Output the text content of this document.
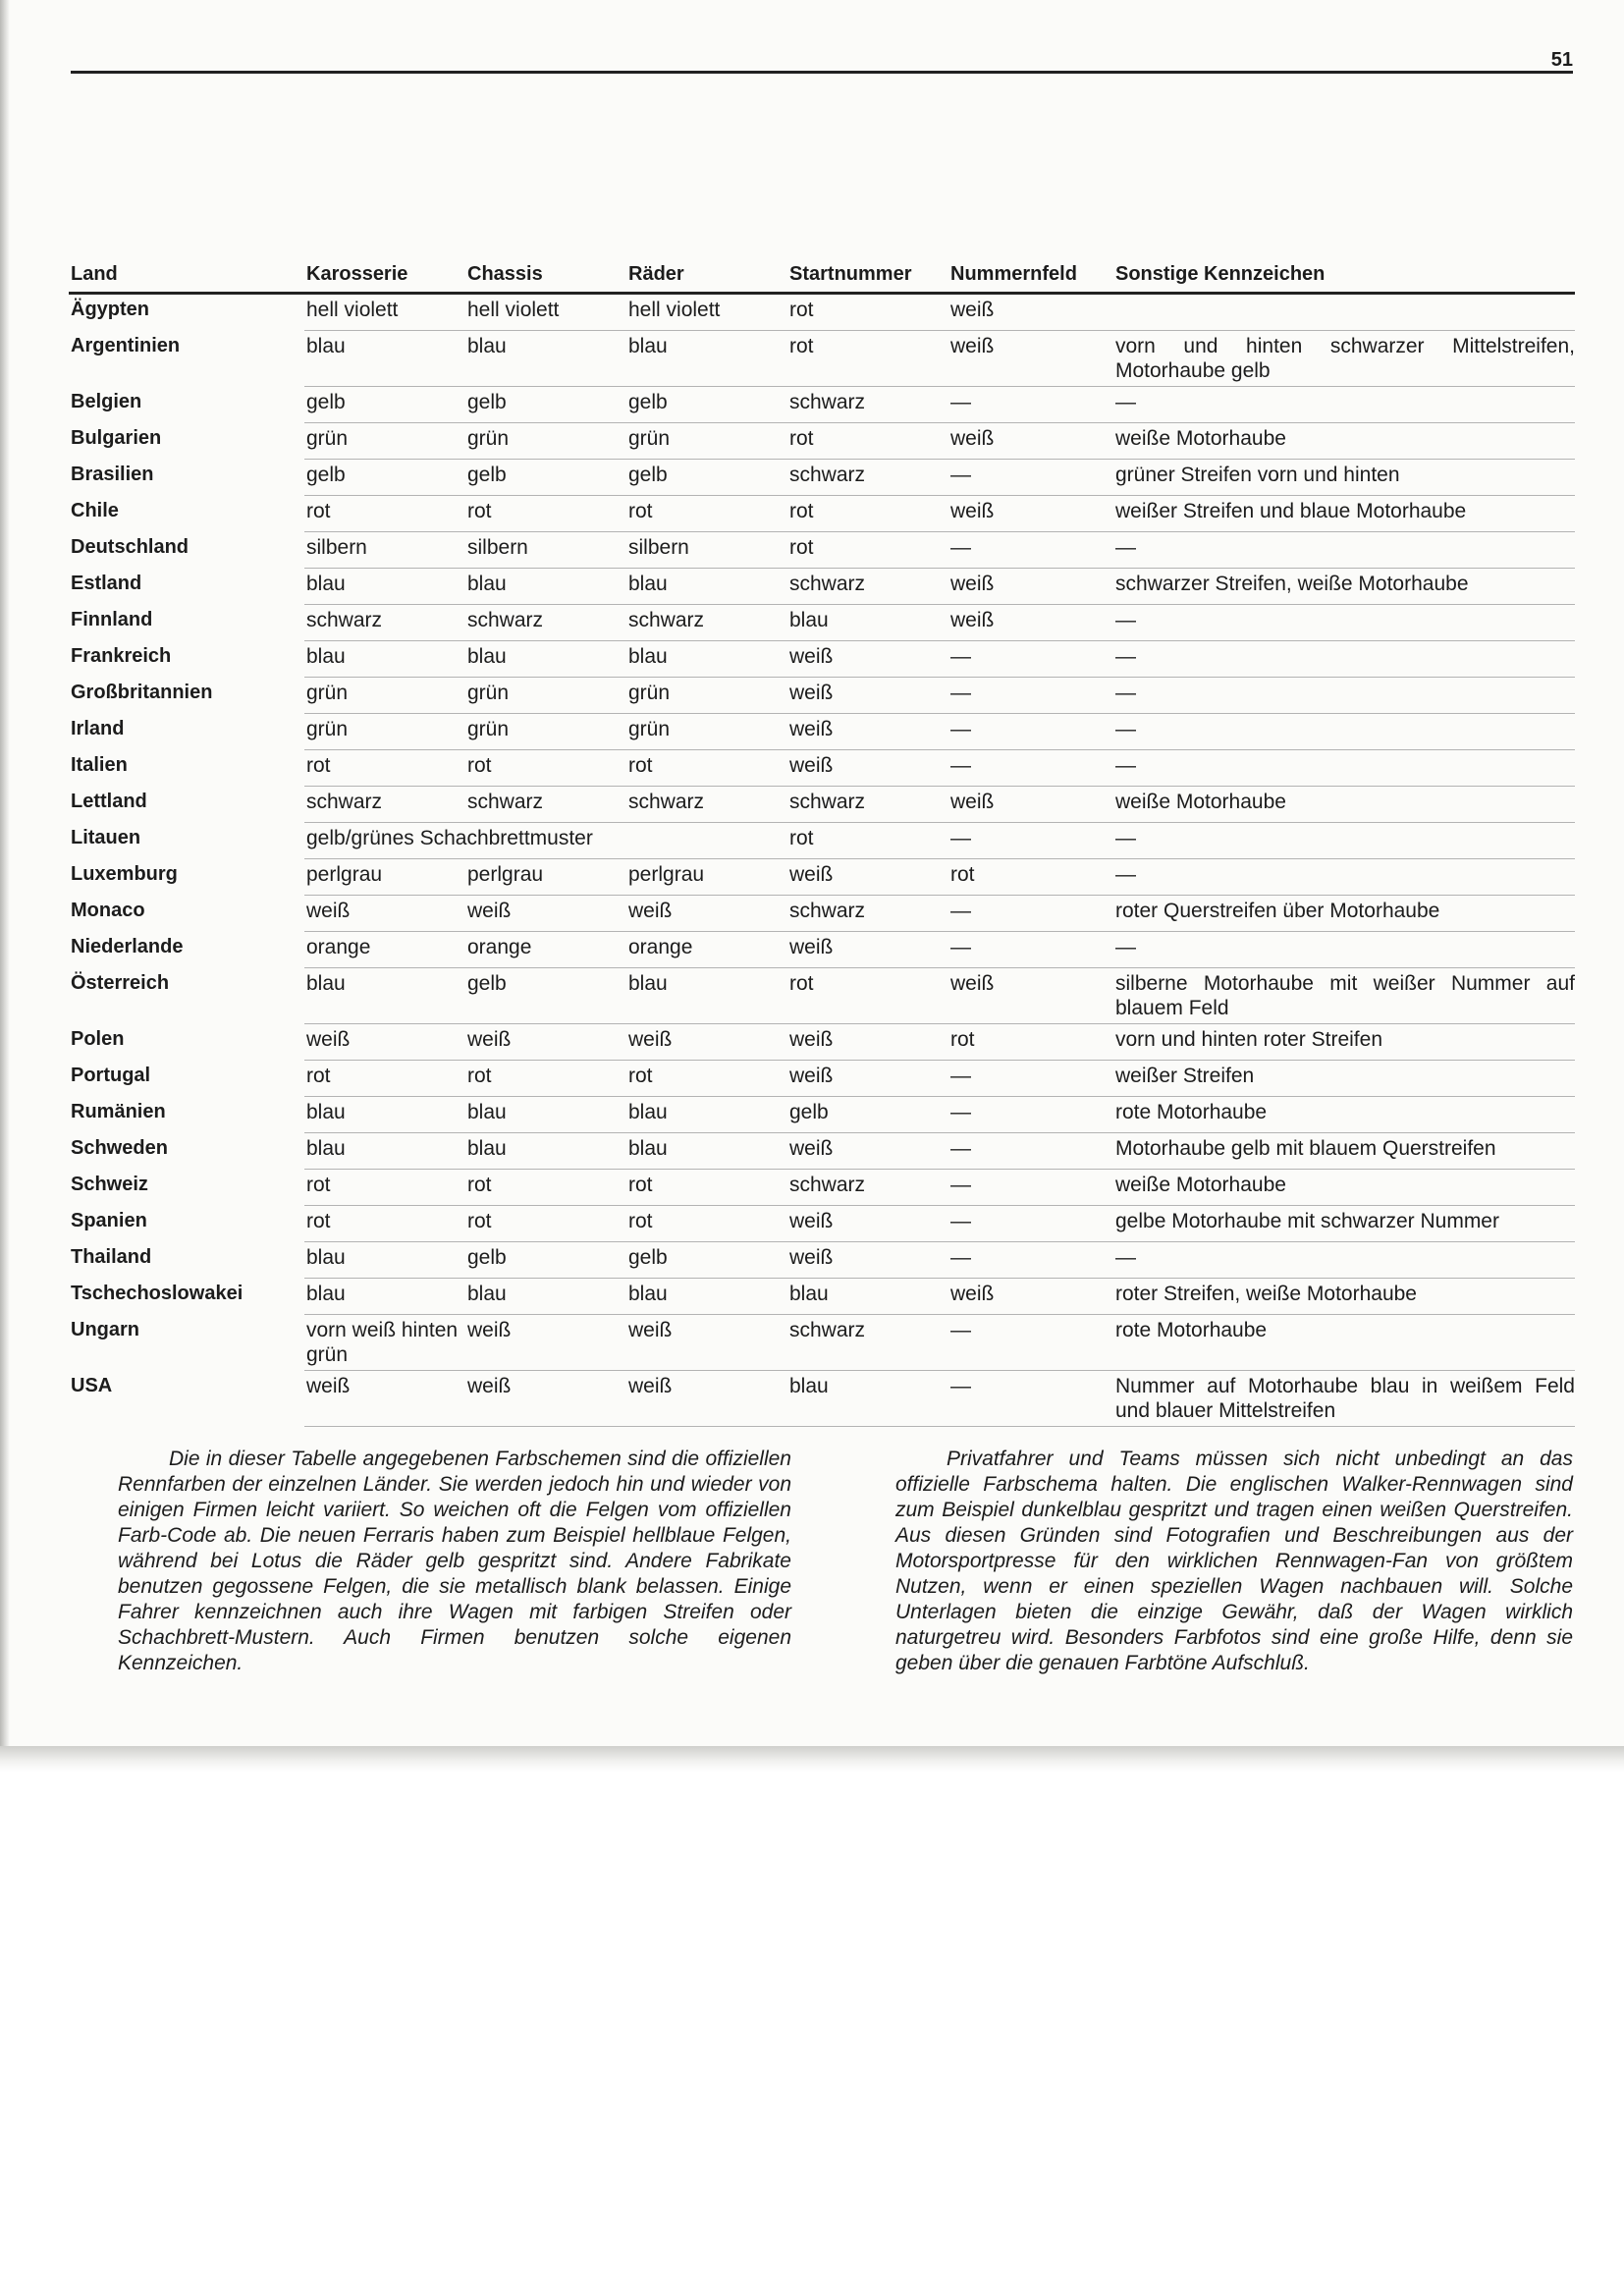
51
Land	Karosserie	Chassis	Räder	Startnummer	Nummernfeld	Sonstige Kennzeichen
Ägypten	hell violett	hell violett	hell violett	rot	weiß	
Argentinien	blau	blau	blau	rot	weiß	vorn und hinten schwarzer Mittelstreifen, Motorhaube gelb
Belgien	gelb	gelb	gelb	schwarz	—	—
Bulgarien	grün	grün	grün	rot	weiß	weiße Motorhaube
Brasilien	gelb	gelb	gelb	schwarz	—	grüner Streifen vorn und hinten
Chile	rot	rot	rot	rot	weiß	weißer Streifen und blaue Motorhaube
Deutschland	silbern	silbern	silbern	rot	—	—
Estland	blau	blau	blau	schwarz	weiß	schwarzer Streifen, weiße Motorhaube
Finnland	schwarz	schwarz	schwarz	blau	weiß	—
Frankreich	blau	blau	blau	weiß	—	—
Großbritannien	grün	grün	grün	weiß	—	—
Irland	grün	grün	grün	weiß	—	—
Italien	rot	rot	rot	weiß	—	—
Lettland	schwarz	schwarz	schwarz	schwarz	weiß	weiße Motorhaube
Litauen	gelb/grünes Schachbrettmuster			rot	—	—
Luxemburg	perlgrau	perlgrau	perlgrau	weiß	rot	—
Monaco	weiß	weiß	weiß	schwarz	—	roter Querstreifen über Motorhaube
Niederlande	orange	orange	orange	weiß	—	—
Österreich	blau	gelb	blau	rot	weiß	silberne Motorhaube mit weißer Nummer auf blauem Feld
Polen	weiß	weiß	weiß	weiß	rot	vorn und hinten roter Streifen
Portugal	rot	rot	rot	weiß	—	weißer Streifen
Rumänien	blau	blau	blau	gelb	—	rote Motorhaube
Schweden	blau	blau	blau	weiß	—	Motorhaube gelb mit blauem Querstreifen
Schweiz	rot	rot	rot	schwarz	—	weiße Motorhaube
Spanien	rot	rot	rot	weiß	—	gelbe Motorhaube mit schwarzer Nummer
Thailand	blau	gelb	gelb	weiß	—	—
Tschechoslowakei	blau	blau	blau	blau	weiß	roter Streifen, weiße Motorhaube
Ungarn	vorn weiß hinten grün	weiß	weiß	schwarz	—	rote Motorhaube
USA	weiß	weiß	weiß	blau	—	Nummer auf Motorhaube blau in weißem Feld und blauer Mittelstreifen

Die in dieser Tabelle angegebenen Farbschemen sind die offiziellen Rennfarben der einzelnen Länder. Sie werden jedoch hin und wieder von einigen Firmen leicht variiert. So weichen oft die Felgen vom offiziellen Farb-Code ab. Die neuen Ferraris haben zum Beispiel hellblaue Felgen, während bei Lotus die Räder gelb gespritzt sind. Andere Fabrikate benutzen gegossene Felgen, die sie metallisch blank belassen. Einige Fahrer kennzeichnen auch ihre Wagen mit farbigen Streifen oder Schachbrett-Mustern. Auch Firmen benutzen solche eigenen Kennzeichen.

Privatfahrer und Teams müssen sich nicht unbedingt an das offizielle Farbschema halten. Die englischen Walker-Rennwagen sind zum Beispiel dunkelblau gespritzt und tragen einen weißen Querstreifen. Aus diesen Gründen sind Fotografien und Beschreibungen aus der Motorsportpresse für den wirklichen Rennwagen-Fan von größtem Nutzen, wenn er einen speziellen Wagen nachbauen will. Solche Unterlagen bieten die einzige Gewähr, daß der Wagen wirklich naturgetreu wird. Besonders Farbfotos sind eine große Hilfe, denn sie geben über die genauen Farbtöne Aufschluß.
